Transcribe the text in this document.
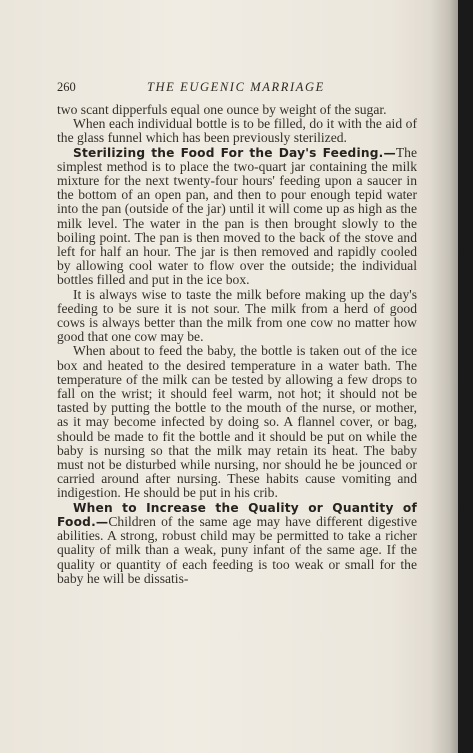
260	THE EUGENIC MARRIAGE

two scant dipperfuls equal one ounce by weight of the sugar.

When each individual bottle is to be filled, do it with the aid of the glass funnel which has been previously sterilized.

Sterilizing the Food For the Day's Feeding.—The simplest method is to place the two-quart jar containing the milk mixture for the next twenty-four hours' feeding upon a saucer in the bottom of an open pan, and then to pour enough tepid water into the pan (outside of the jar) until it will come up as high as the milk level. The water in the pan is then brought slowly to the boiling point. The pan is then moved to the back of the stove and left for half an hour. The jar is then removed and rapidly cooled by allowing cool water to flow over the outside; the individual bottles filled and put in the ice box.

It is always wise to taste the milk before making up the day's feeding to be sure it is not sour. The milk from a herd of good cows is always better than the milk from one cow no matter how good that one cow may be.

When about to feed the baby, the bottle is taken out of the ice box and heated to the desired temperature in a water bath. The temperature of the milk can be tested by allowing a few drops to fall on the wrist; it should feel warm, not hot; it should not be tasted by putting the bottle to the mouth of the nurse, or mother, as it may become infected by doing so. A flannel cover, or bag, should be made to fit the bottle and it should be put on while the baby is nursing so that the milk may retain its heat. The baby must not be disturbed while nursing, nor should he be jounced or carried around after nursing. These habits cause vomiting and indigestion. He should be put in his crib.

When to Increase the Quality or Quantity of Food.—Children of the same age may have different digestive abilities. A strong, robust child may be permitted to take a richer quality of milk than a weak, puny infant of the same age. If the quality or quantity of each feeding is too weak or small for the baby he will be dissatis-
